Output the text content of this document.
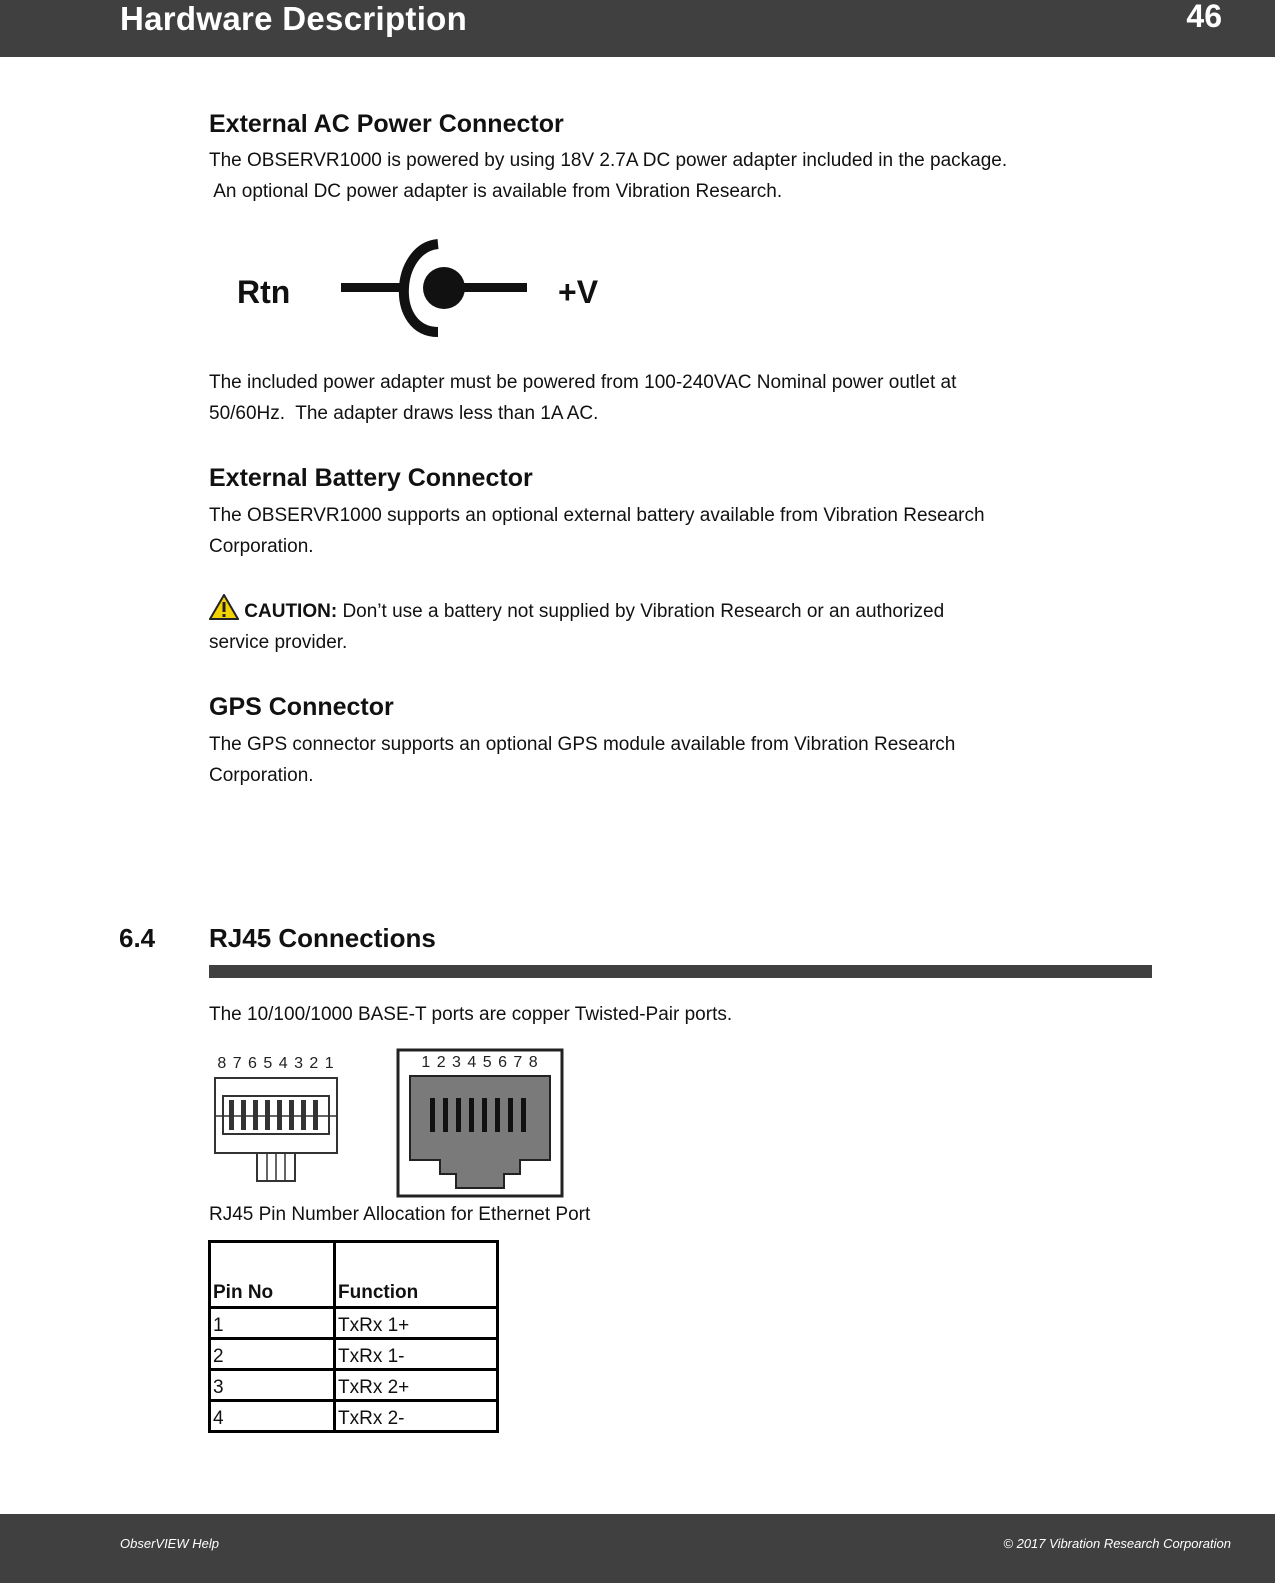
Hardware Description	46
External AC Power Connector
The OBSERVR1000 is powered by using 18V 2.7A DC power adapter included in the package.
An optional DC power adapter is available from Vibration Research.
Rtn	+V
The included power adapter must be powered from 100-240VAC Nominal power outlet at
50/60Hz.  The adapter draws less than 1A AC.
External Battery Connector
The OBSERVR1000 supports an optional external battery available from Vibration Research
Corporation.
CAUTION: Don’t use a battery not supplied by Vibration Research or an authorized
service provider.
GPS Connector
The GPS connector supports an optional GPS module available from Vibration Research
Corporation.
6.4 RJ45 Connections
The 10/100/1000 BASE-T ports are copper Twisted-Pair ports.
8 7 6 5 4 3 2 1	1 2 3 4 5 6 7 8
RJ45 Pin Number Allocation for Ethernet Port
Pin No	Function
1	TxRx 1+
2	TxRx 1-
3	TxRx 2+
4	TxRx 2-
ObserVIEW Help	© 2017 Vibration Research Corporation
